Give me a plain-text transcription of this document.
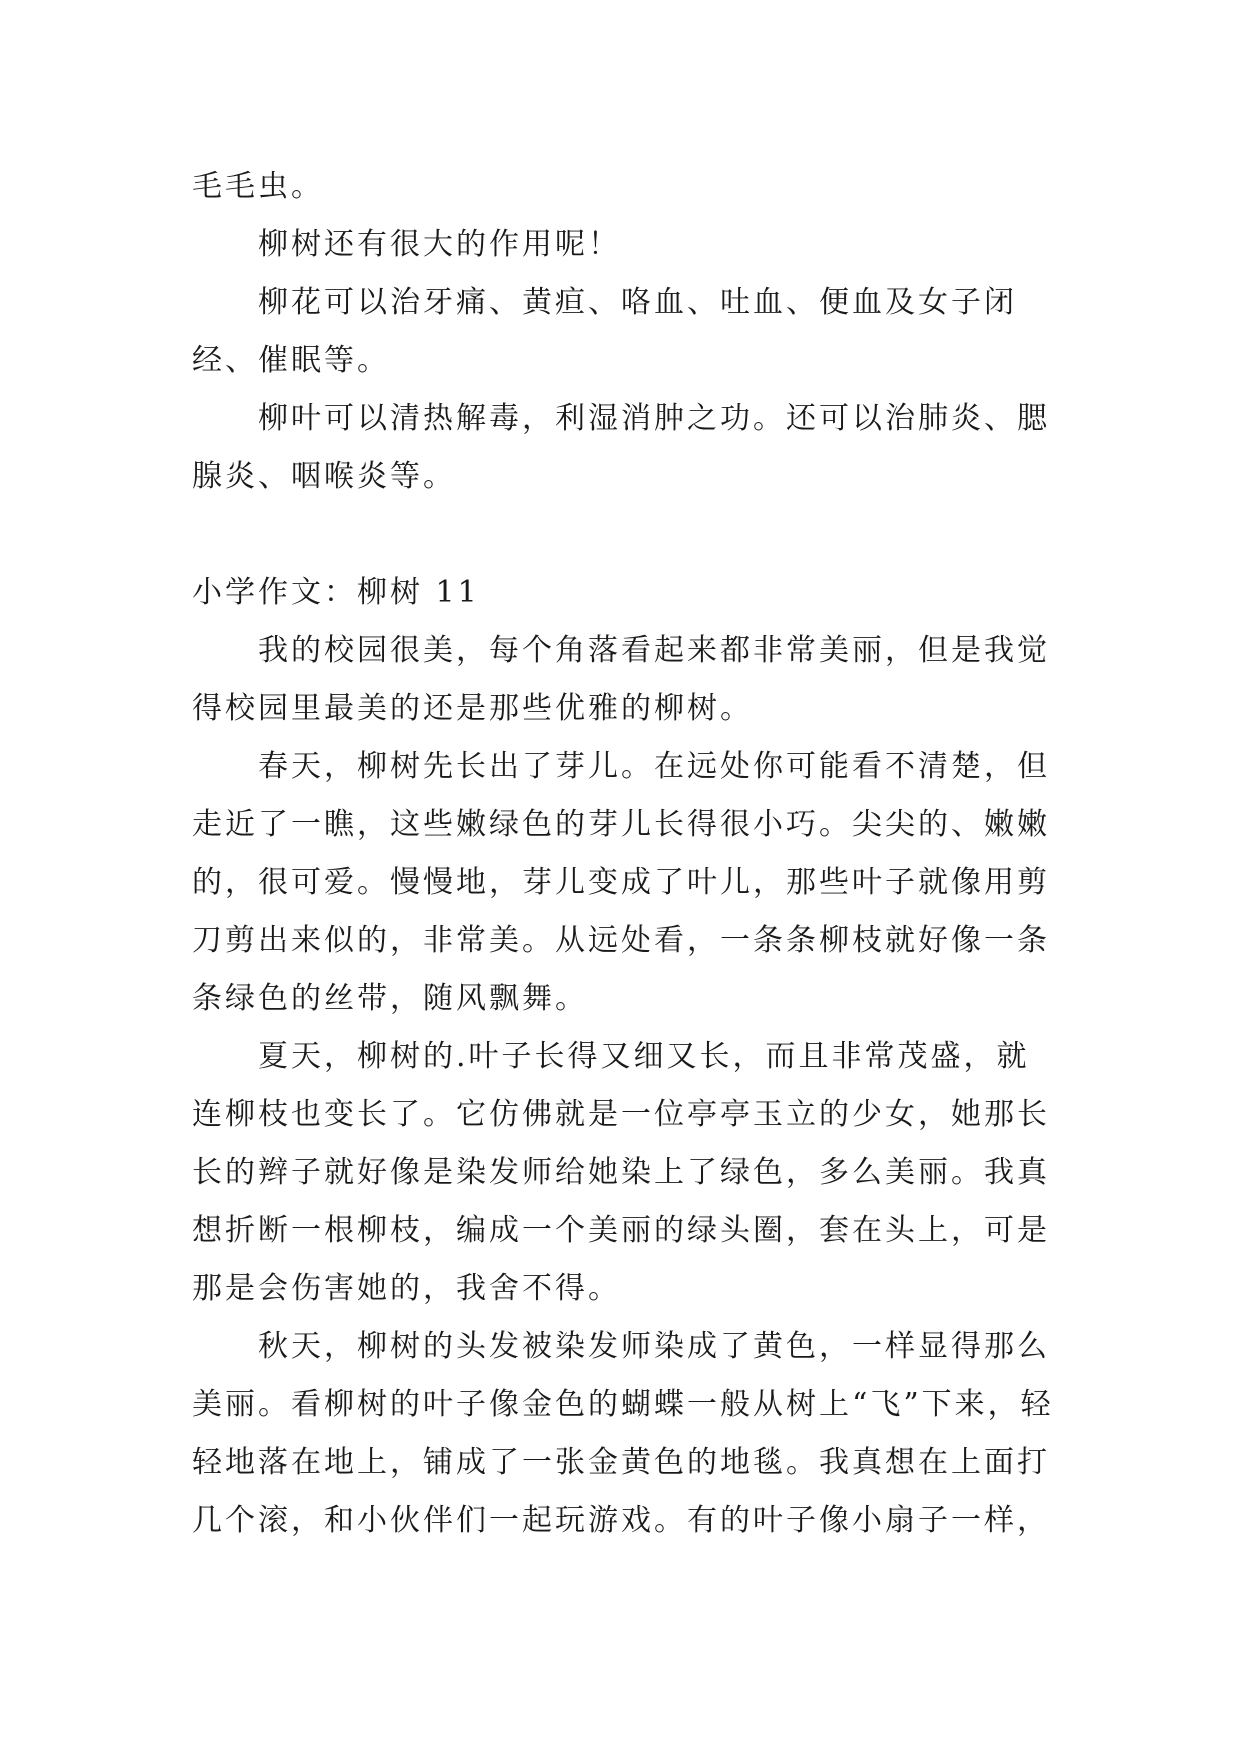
毛毛虫。

柳树还有很大的作用呢！

柳花可以治牙痛、黄疸、咯血、吐血、便血及女子闭经、催眠等。

柳叶可以清热解毒，利湿消肿之功。还可以治肺炎、腮腺炎、咽喉炎等。

小学作文：柳树 11

我的校园很美，每个角落看起来都非常美丽，但是我觉得校园里最美的还是那些优雅的柳树。

春天，柳树先长出了芽儿。在远处你可能看不清楚，但走近了一瞧，这些嫩绿色的芽儿长得很小巧。尖尖的、嫩嫩的，很可爱。慢慢地，芽儿变成了叶儿，那些叶子就像用剪刀剪出来似的，非常美。从远处看，一条条柳枝就好像一条条绿色的丝带，随风飘舞。

夏天，柳树的.叶子长得又细又长，而且非常茂盛，就连柳枝也变长了。它仿佛就是一位亭亭玉立的少女，她那长长的辫子就好像是染发师给她染上了绿色，多么美丽。我真想折断一根柳枝，编成一个美丽的绿头圈，套在头上，可是那是会伤害她的，我舍不得。

秋天，柳树的头发被染发师染成了黄色，一样显得那么美丽。看柳树的叶子像金色的蝴蝶一般从树上“飞”下来，轻轻地落在地上，铺成了一张金黄色的地毯。我真想在上面打几个滚，和小伙伴们一起玩游戏。有的叶子像小扇子一样，
